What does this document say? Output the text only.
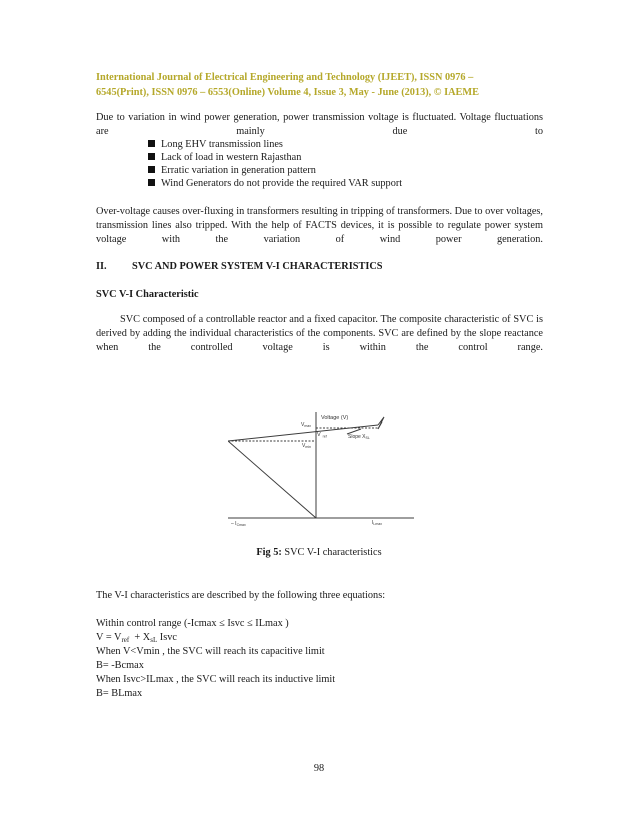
International Journal of Electrical Engineering and Technology (IJEET), ISSN 0976 –
6545(Print), ISSN 0976 – 6553(Online) Volume 4, Issue 3, May - June (2013), © IAEME
Due to variation in wind power generation, power transmission voltage is fluctuated. Voltage fluctuations are mainly due to
Long EHV transmission lines
Lack of load in western Rajasthan
Erratic variation in generation pattern
Wind Generators do not provide the required VAR support
Over-voltage causes over-fluxing in transformers resulting in tripping of transformers. Due to over voltages, transmission lines also tripped. With the help of FACTS devices, it is possible to regulate power system voltage with the variation of wind power generation.
II. SVC AND POWER SYSTEM V-I CHARACTERISTICS
SVC V-I Characteristic
SVC composed of a controllable reactor and a fixed capacitor. The composite characteristic of SVC is derived by adding the individual characteristics of the components. SVC are defined by the slope reactance when the controlled voltage is within the control range.
Voltage (V)
$V_{max}$
V $_{ref}$
$V_{min}$
Slope $X_{SL}$
– $I_{Cmax}$	$I_{Lmax}$
Fig 5: SVC V-I characteristics
The V-I characteristics are described by the following three equations:
Within control range (-Icmax ≤ Isvc ≤ ILmax )
$V = V_{ref} + X_{sL}$ Isvc
When V<Vmin , the SVC will reach its capacitive limit
B= -Bcmax
When Isvc>ILmax , the SVC will reach its inductive limit
B= BLmax
98
